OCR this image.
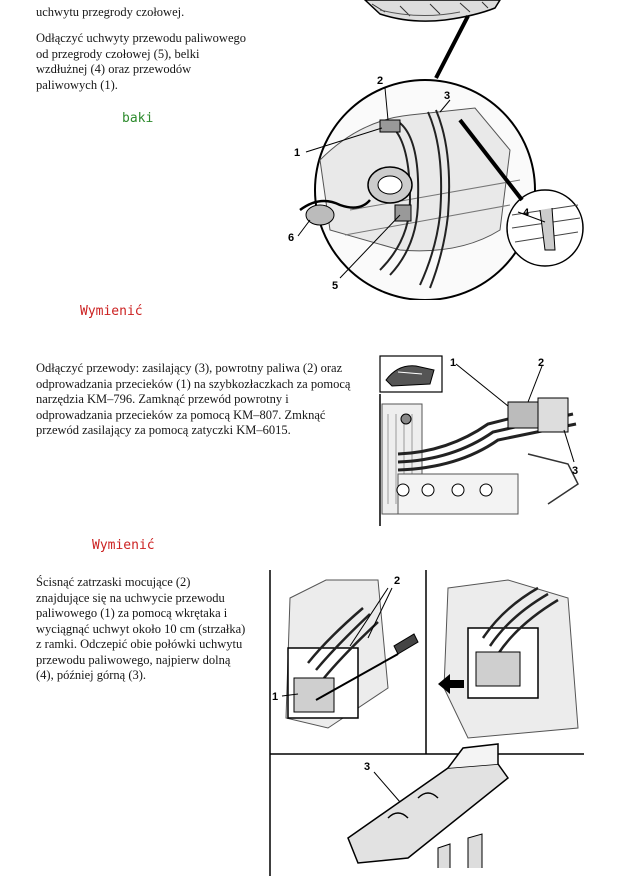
uchwytu przegrody czołowej.
Odłączyć uchwyty przewodu paliwowego
od przegrody czołowej (5), belki
wzdłużnej (4) oraz przewodów
paliwowych (1).
baki
1
2
3
4
5
6
Wymienić
Odłączyć przewody: zasilający (3), powrotny paliwa (2) oraz
odprowadzania przecieków (1) na szybkozłaczkach za pomocą
narzędzia KM–796. Zamknąć przewód powrotny i
odprowadzania przecieków za pomocą KM–807. Zmknąć
przewód zasilający za pomocą zatyczki KM–6015.
1	2
3
Wymienić
Ścisnąć zatrzaski mocujące (2)
znajdujące się na uchwycie przewodu
paliwowego (1) za pomocą wkrętaka i
wyciągnąć uchwyt około 10 cm (strzałka)
z ramki. Odczepić obie połówki uchwytu
przewodu paliwowego, najpierw dolną
(4), później górną (3).
2
1
3
